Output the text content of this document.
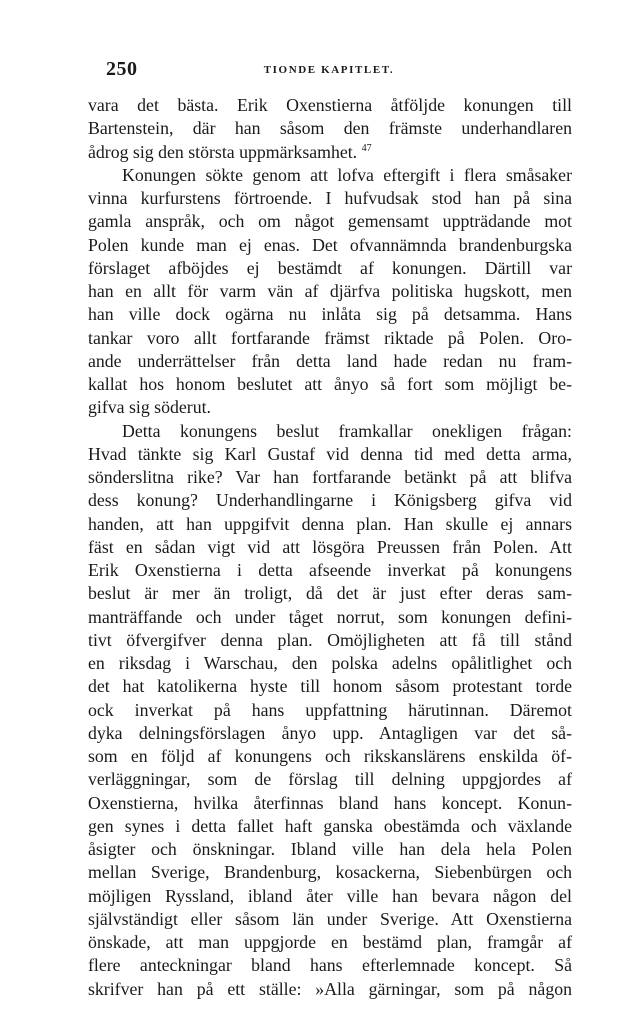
250	TIONDE KAPITLET.
vara det bästa. Erik Oxenstierna åtföljde konungen till
Bartenstein, där han såsom den främste underhandlaren
ådrog sig den största uppmärksamhet. $^{47}$
Konungen sökte genom att lofva eftergift i flera småsaker
vinna kurfurstens förtroende. I hufvudsak stod han på sina
gamla anspråk, och om något gemensamt uppträdande mot
Polen kunde man ej enas. Det ofvannämnda brandenburgska
förslaget afböjdes ej bestämdt af konungen. Därtill var
han en allt för varm vän af djärfva politiska hugskott, men
han ville dock ogärna nu inlåta sig på detsamma. Hans
tankar voro allt fortfarande främst riktade på Polen. Oro-
ande underrättelser från detta land hade redan nu fram-
kallat hos honom beslutet att ånyo så fort som möjligt be-
gifva sig söderut.
Detta konungens beslut framkallar onekligen frågan:
Hvad tänkte sig Karl Gustaf vid denna tid med detta arma,
sönderslitna rike? Var han fortfarande betänkt på att blifva
dess konung? Underhandlingarne i Königsberg gifva vid
handen, att han uppgifvit denna plan. Han skulle ej annars
fäst en sådan vigt vid att lösgöra Preussen från Polen. Att
Erik Oxenstierna i detta afseende inverkat på konungens
beslut är mer än troligt, då det är just efter deras sam-
manträffande och under tåget norrut, som konungen defini-
tivt öfvergifver denna plan. Omöjligheten att få till stånd
en riksdag i Warschau, den polska adelns opålitlighet och
det hat katolikerna hyste till honom såsom protestant torde
ock inverkat på hans uppfattning härutinnan. Däremot
dyka delningsförslagen ånyo upp. Antagligen var det så-
som en följd af konungens och rikskanslärens enskilda öf-
verläggningar, som de förslag till delning uppgjordes af
Oxenstierna, hvilka återfinnas bland hans koncept. Konun-
gen synes i detta fallet haft ganska obestämda och växlande
åsigter och önskningar. Ibland ville han dela hela Polen
mellan Sverige, Brandenburg, kosackerna, Siebenbürgen och
möjligen Ryssland, ibland åter ville han bevara någon del
självständigt eller såsom län under Sverige. Att Oxenstierna
önskade, att man uppgjorde en bestämd plan, framgår af
flere anteckningar bland hans efterlemnade koncept. Så
skrifver han på ett ställe: »Alla gärningar, som på någon
